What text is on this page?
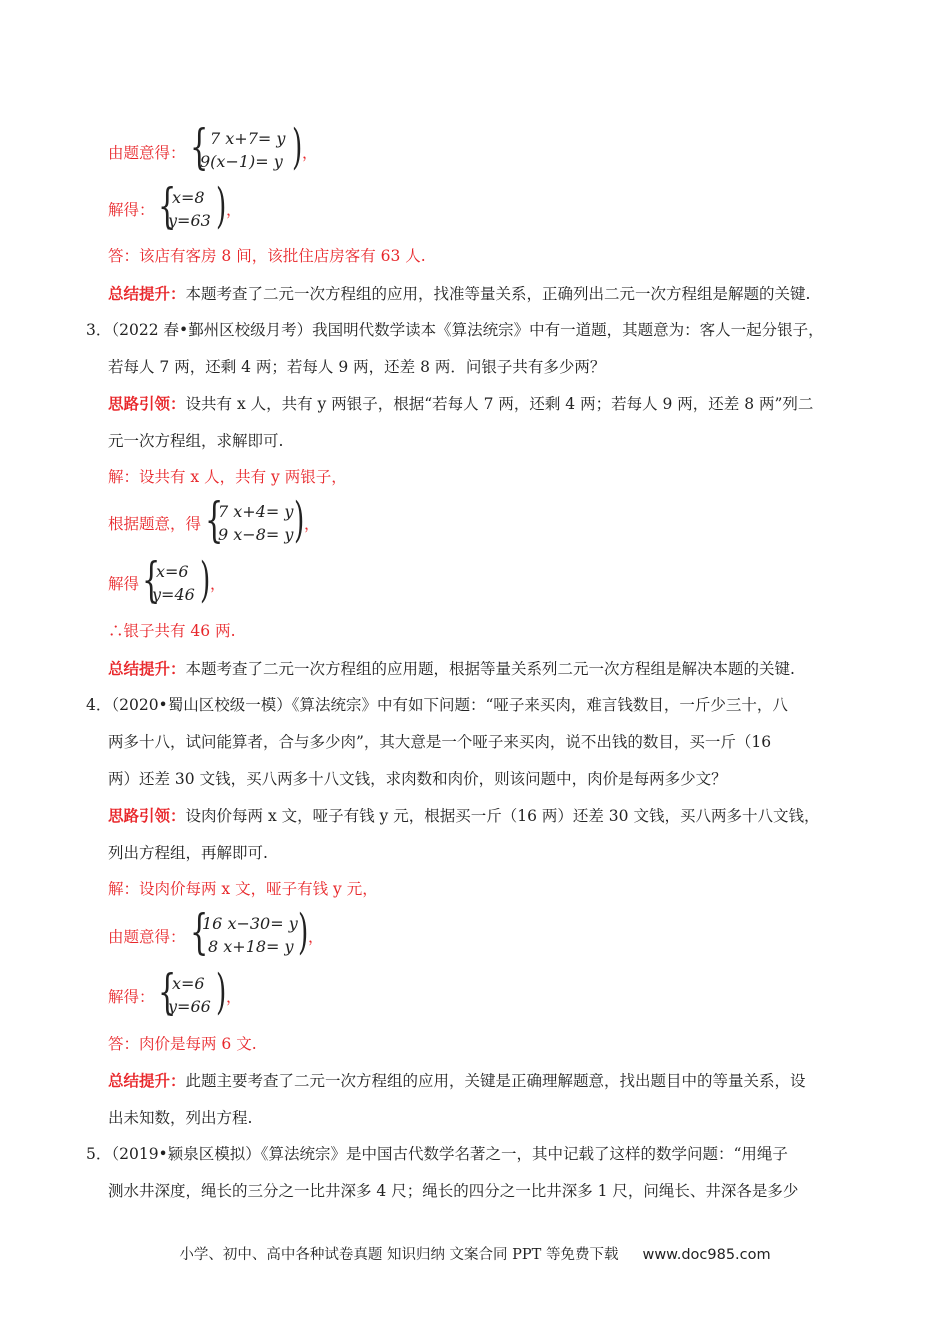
由题意得： { 7 x+7= y
9(x−1)= y ) ，
解得： {
x=8
y=63 ) ，
答：该店有客房 8 间，该批住店房客有 63 人.
总结提升：本题考查了二元一次方程组的应用，找准等量关系，正确列出二元一次方程组是解题的关键.
3．（2022 春•鄞州区校级月考）我国明代数学读本《算法统宗》中有一道题，其题意为：客人一起分银子，
若每人 7 两，还剩 4 两；若每人 9 两，还差 8 两．问银子共有多少两？
思路引领：设共有 x 人，共有 y 两银子，根据“若每人 7 两，还剩 4 两；若每人 9 两，还差 8 两”列二
元一次方程组，求解即可.
解：设共有 x 人，共有 y 两银子，
根据题意，得 {
7 x+4= y
9 x−8= y ) ，
解得 {
x=6
y=46 ) ，
∴银子共有 46 两.
总结提升：本题考查了二元一次方程组的应用题，根据等量关系列二元一次方程组是解决本题的关键.
4．（2020•蜀山区校级一模）《算法统宗》中有如下问题：“哑子来买肉，难言钱数目，一斤少三十，八
两多十八，试问能算者，合与多少肉”，其大意是一个哑子来买肉，说不出钱的数目，买一斤（16
两）还差 30 文钱，买八两多十八文钱，求肉数和肉价，则该问题中，肉价是每两多少文？
思路引领：设肉价每两 x 文，哑子有钱 y 元，根据买一斤（16 两）还差 30 文钱，买八两多十八文钱，
列出方程组，再解即可.
解：设肉价每两 x 文，哑子有钱 y 元，
由题意得： {
16 x−30= y
8 x+18= y ) ，
解得： {
x=6
y=66 ) ，
答：肉价是每两 6 文.
总结提升：此题主要考查了二元一次方程组的应用，关键是正确理解题意，找出题目中的等量关系，设
出未知数，列出方程.
5．（2019•颍泉区模拟）《算法统宗》是中国古代数学名著之一，其中记载了这样的数学问题：“用绳子
测水井深度，绳长的三分之一比井深多 4 尺；绳长的四分之一比井深多 1 尺，问绳长、井深各是多少
小学、初中、高中各种试卷真题 知识归纳 文案合同 PPT 等免费下载 www.doc985.com
